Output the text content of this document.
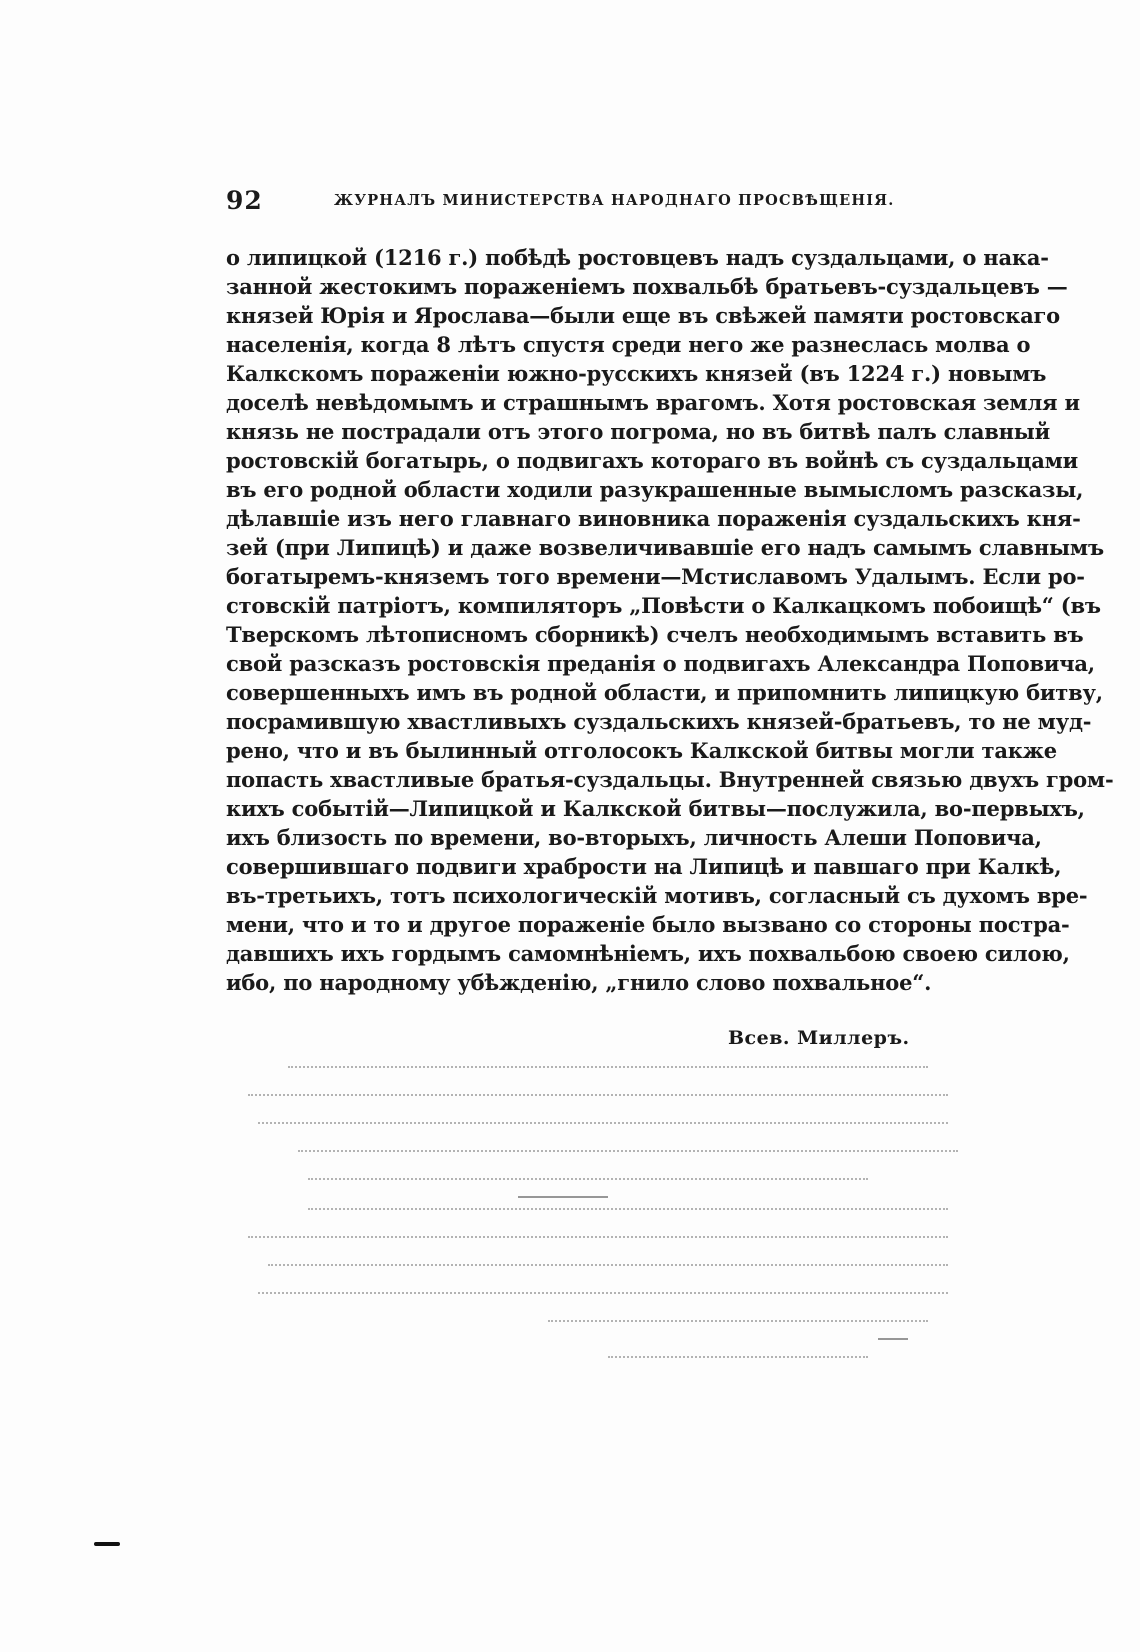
92	ЖУРНАЛЪ МИНИСТЕРСТВА НАРОДНАГО ПРОСВѢЩЕНІЯ.
о липицкой (1216 г.) побѣдѣ ростовцевъ надъ суздальцами, о нака-
занной жестокимъ пораженіемъ похвальбѣ братьевъ-суздальцевъ —
князей Юрія и Ярослава—были еще въ свѣжей памяти ростовскаго
населенія, когда 8 лѣтъ спустя среди него же разнеслась молва о
Калкскомъ пораженіи южно-русскихъ князей (въ 1224 г.) новымъ
доселѣ невѣдомымъ и страшнымъ врагомъ. Хотя ростовская земля и
князь не пострадали отъ этого погрома, но въ битвѣ палъ славный
ростовскій богатырь, о подвигахъ котораго въ войнѣ съ суздальцами
въ его родной области ходили разукрашенные вымысломъ разсказы,
дѣлавшіе изъ него главнаго виновника пораженія суздальскихъ кня-
зей (при Липицѣ) и даже возвеличивавшіе его надъ самымъ славнымъ
богатыремъ-княземъ того времени—Мстиславомъ Удалымъ. Если ро-
стовскій патріотъ, компиляторъ „Повѣсти о Калкацкомъ побоищѣ“ (въ
Тверскомъ лѣтописномъ сборникѣ) счелъ необходимымъ вставить въ
свой разсказъ ростовскія преданія о подвигахъ Александра Поповича,
совершенныхъ имъ въ родной области, и припомнить липицкую битву,
посрамившую хвастливыхъ суздальскихъ князей-братьевъ, то не муд-
рено, что и въ былинный отголосокъ Калкской битвы могли также
попасть хвастливые братья-суздальцы. Внутренней связью двухъ гром-
кихъ событій—Липицкой и Калкской битвы—послужила, во-первыхъ,
ихъ близость по времени, во-вторыхъ, личность Алеши Поповича,
совершившаго подвиги храбрости на Липицѣ и павшаго при Калкѣ,
въ-третьихъ, тотъ психологическій мотивъ, согласный съ духомъ вре-
мени, что и то и другое пораженіе было вызвано со стороны постра-
давшихъ ихъ гордымъ самомнѣніемъ, ихъ похвальбою своею силою,
ибо, по народному убѣжденію, „гнило слово похвальное“.
Всев. Миллеръ.
